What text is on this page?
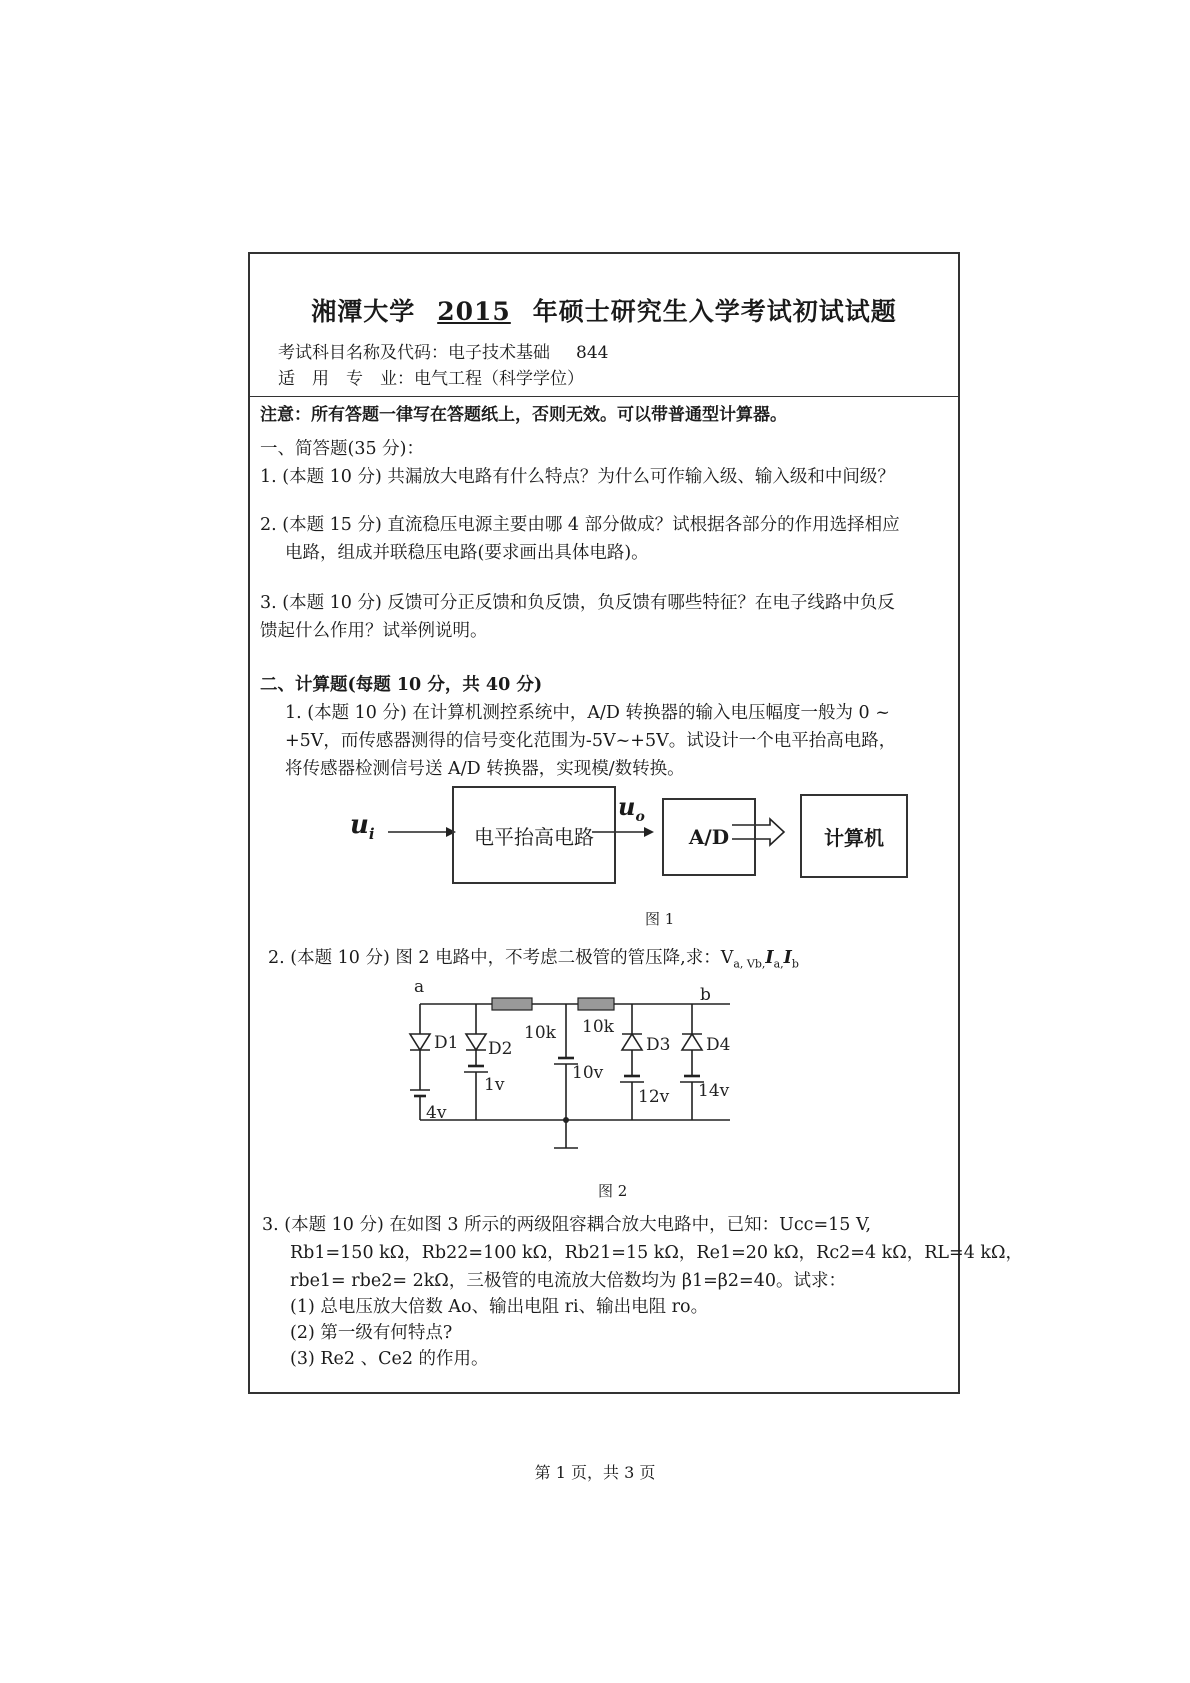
湘潭大学 2015 年硕士研究生入学考试初试试题
考试科目名称及代码：电子技术基础 844
适　用　专　业：电气工程（科学学位）
注意：所有答题一律写在答题纸上，否则无效。可以带普通型计算器。
一、简答题(35 分)：
1. (本题 10 分) 共漏放大电路有什么特点？为什么可作输入级、输入级和中间级？
2. (本题 15 分) 直流稳压电源主要由哪 4 部分做成？试根据各部分的作用选择相应
电路，组成并联稳压电路(要求画出具体电路)。
3. (本题 10 分) 反馈可分正反馈和负反馈，负反馈有哪些特征？在电子线路中负反
馈起什么作用？试举例说明。
二、计算题(每题 10 分，共 40 分)
1. (本题 10 分) 在计算机测控系统中，A/D 转换器的输入电压幅度一般为 0 ~
+5V，而传感器测得的信号变化范围为-5V~+5V。试设计一个电平抬高电路，
将传感器检测信号送 A/D 转换器，实现模/数转换。
$u_i$	电平抬高电路
$u_o$
A/D	计算机
图 1
2. (本题 10 分) 图 2 电路中，不考虑二极管的管压降,求：$V_{a, Vb,}I_{a,}I_b$
a	b
D1 D2	D3 D4
10k 10k
4v
1v
10v
12v 14v
图 2
3. (本题 10 分) 在如图 3 所示的两级阻容耦合放大电路中，已知：Ucc=15 V,
Rb1=150 kΩ，Rb22=100 kΩ，Rb21=15 kΩ，Re1=20 kΩ，Rc2=4 kΩ，RL=4 kΩ，
rbe1= rbe2= 2kΩ，三极管的电流放大倍数均为 β1=β2=40。试求：
(1) 总电压放大倍数 Ao、输出电阻 ri、输出电阻 ro。
(2) 第一级有何特点?
(3) Re2 、Ce2 的作用。
第 1 页，共 3 页
